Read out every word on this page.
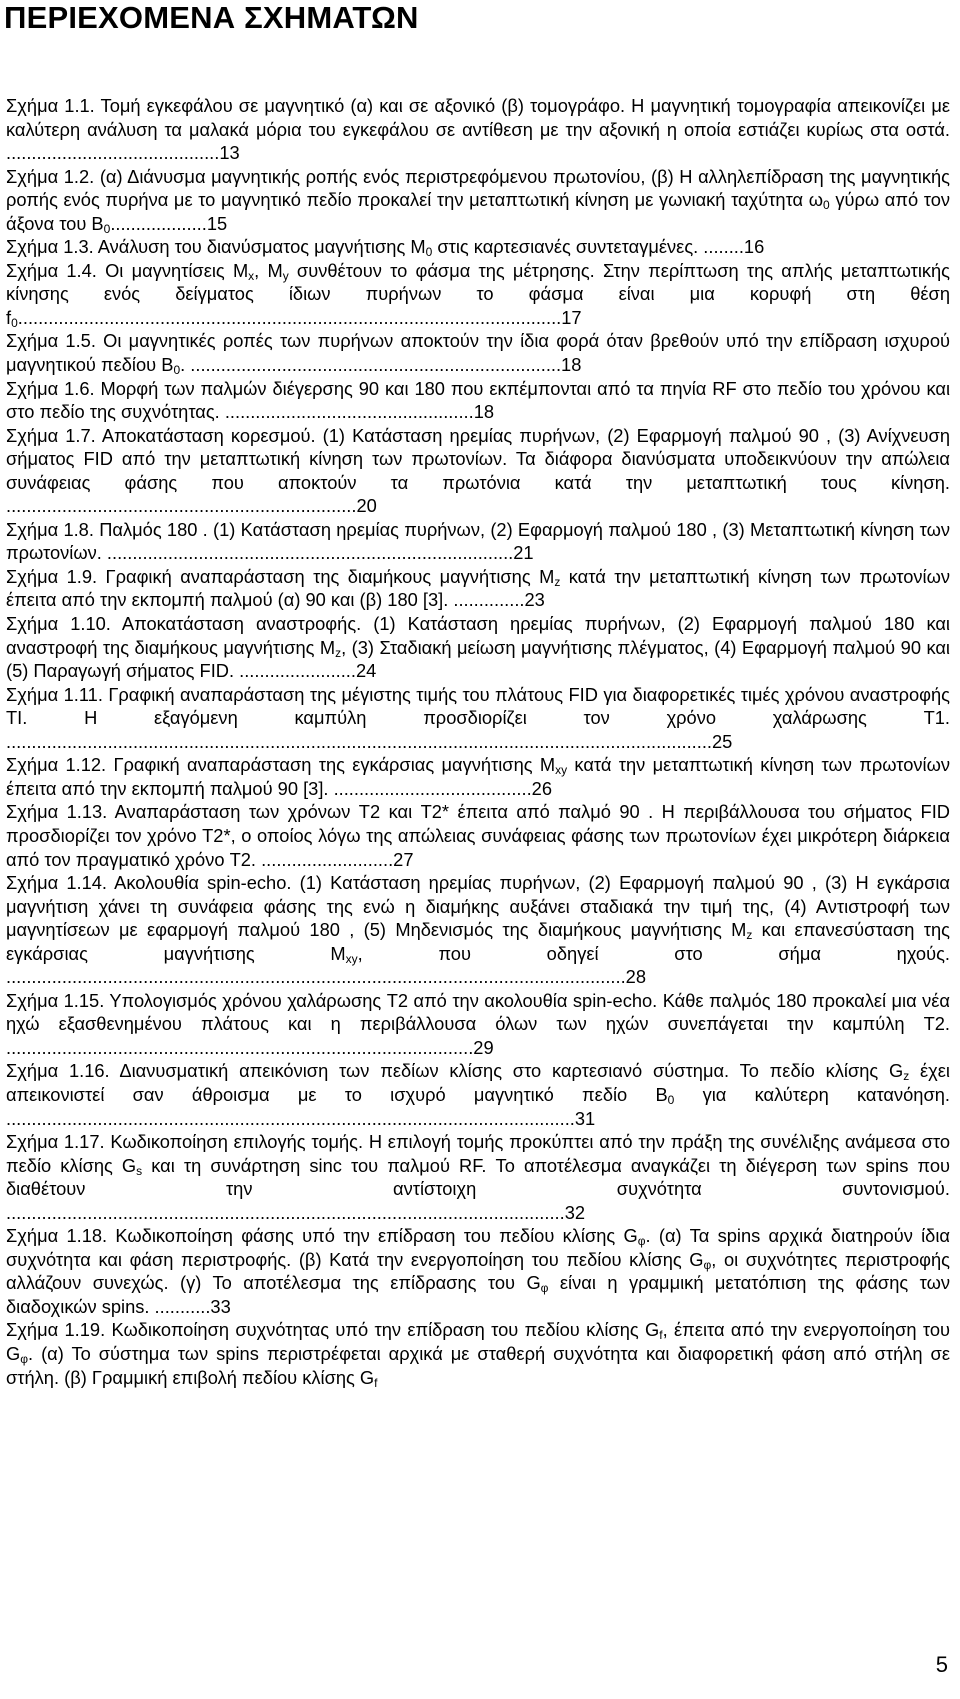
ΠΕΡΙΕΧΟΜΕΝΑ ΣΧΗΜΑΤΩΝ
Σχήμα 1.1. Τομή εγκεφάλου σε μαγνητικό (α) και σε αξονικό (β) τομογράφο. Η μαγνητική τομογραφία απεικονίζει με καλύτερη ανάλυση τα μαλακά μόρια του εγκεφάλου σε αντίθεση με την αξονική η οποία εστιάζει κυρίως στα οστά. ..........................................13
Σχήμα 1.2. (α) Διάνυσμα μαγνητικής ροπής ενός περιστρεφόμενου πρωτονίου, (β) Η αλληλεπίδραση της μαγνητικής ροπής ενός πυρήνα με το μαγνητικό πεδίο προκαλεί την μεταπτωτική κίνηση με γωνιακή ταχύτητα $\omega_0$ γύρω από τον άξονα του $B_0...................15$
Σχήμα 1.3. Ανάλυση του διανύσματος μαγνήτισης $M_0$ στις καρτεσιανές συντεταγμένες. ........16
Σχήμα 1.4. Οι μαγνητίσεις $M_x$, $M_y$ συνθέτουν το φάσμα της μέτρησης. Στην περίπτωση της απλής μεταπτωτικής κίνησης ενός δείγματος ίδιων πυρήνων το φάσμα είναι μια κορυφή στη θέση $f_0...........................................................................................................17$
Σχήμα 1.5. Οι μαγνητικές ροπές των πυρήνων αποκτούν την ίδια φορά όταν βρεθούν υπό την επίδραση ισχυρού μαγνητικού πεδίου $B_0$. .........................................................................18
Σχήμα 1.6. Μορφή των παλμών διέγερσης 90 και 180 που εκπέμπονται από τα πηνία RF στο πεδίο του χρόνου και στο πεδίο της συχνότητας. .................................................18
Σχήμα 1.7. Αποκατάσταση κορεσμού. (1) Κατάσταση ηρεμίας πυρήνων, (2) Εφαρμογή παλμού 90 , (3) Ανίχνευση σήματος FID από την μεταπτωτική κίνηση των πρωτονίων. Τα διάφορα διανύσματα υποδεικνύουν την απώλεια συνάφειας φάσης που αποκτούν τα πρωτόνια κατά την μεταπτωτική τους κίνηση. .....................................................................20
Σχήμα 1.8. Παλμός 180 . (1) Κατάσταση ηρεμίας πυρήνων, (2) Εφαρμογή παλμού 180 , (3) Μεταπτωτική κίνηση των πρωτονίων. ................................................................................21
Σχήμα 1.9. Γραφική αναπαράσταση της διαμήκους μαγνήτισης $M_z$ κατά την μεταπτωτική κίνηση των πρωτονίων έπειτα από την εκπομπή παλμού (α) 90 και (β) 180 [3]. ..............23
Σχήμα 1.10. Αποκατάσταση αναστροφής. (1) Κατάσταση ηρεμίας πυρήνων, (2) Εφαρμογή παλμού 180 και αναστροφή της διαμήκους μαγνήτισης $M_z$, (3) Σταδιακή μείωση μαγνήτισης πλέγματος, (4) Εφαρμογή παλμού 90 και (5) Παραγωγή σήματος FID. .......................24
Σχήμα 1.11. Γραφική αναπαράσταση της μέγιστης τιμής του πλάτους FID για διαφορετικές τιμές χρόνου αναστροφής TI. Η εξαγόμενη καμπύλη προσδιορίζει τον χρόνο χαλάρωσης T1. ...........................................................................................................................................25
Σχήμα 1.12. Γραφική αναπαράσταση της εγκάρσιας μαγνήτισης $M_{xy}$ κατά την μεταπτωτική κίνηση των πρωτονίων έπειτα από την εκπομπή παλμού 90 [3]. .......................................26
Σχήμα 1.13. Αναπαράσταση των χρόνων T2 και T2* έπειτα από παλμό 90 . Η περιβάλλουσα του σήματος FID προσδιορίζει τον χρόνο T2*, ο οποίος λόγω της απώλειας συνάφειας φάσης των πρωτονίων έχει μικρότερη διάρκεια από τον πραγματικό χρόνο T2. ..........................27
Σχήμα 1.14. Ακολουθία spin-echo. (1) Κατάσταση ηρεμίας πυρήνων, (2) Εφαρμογή παλμού 90 , (3) Η εγκάρσια μαγνήτιση χάνει τη συνάφεια φάσης της ενώ η διαμήκης αυξάνει σταδιακά την τιμή της, (4) Αντιστροφή των μαγνητίσεων με εφαρμογή παλμού 180 , (5) Μηδενισμός της διαμήκους μαγνήτισης $M_z$ και επανεσύσταση της εγκάρσιας μαγνήτισης $M_{xy}$, που οδηγεί στο σήμα ηχούς. ..........................................................................................................................28
Σχήμα 1.15. Υπολογισμός χρόνου χαλάρωσης T2 από την ακολουθία spin-echo. Κάθε παλμός 180 προκαλεί μια νέα ηχώ εξασθενημένου πλάτους και η περιβάλλουσα όλων των ηχών συνεπάγεται την καμπύλη T2. ............................................................................................29
Σχήμα 1.16. Διανυσματική απεικόνιση των πεδίων κλίσης στο καρτεσιανό σύστημα. Το πεδίο κλίσης $G_z$ έχει απεικονιστεί σαν άθροισμα με το ισχυρό μαγνητικό πεδίο $B_0$ για καλύτερη κατανόηση. ................................................................................................................31
Σχήμα 1.17. Κωδικοποίηση επιλογής τομής. Η επιλογή τομής προκύπτει από την πράξη της συνέλιξης ανάμεσα στο πεδίο κλίσης $G_s$ και τη συνάρτηση sinc του παλμού RF. Το αποτέλεσμα αναγκάζει τη διέγερση των spins που διαθέτουν την αντίστοιχη συχνότητα συντονισμού. ..............................................................................................................32
Σχήμα 1.18. Κωδικοποίηση φάσης υπό την επίδραση του πεδίου κλίσης $G_\varphi$. (α) Τα spins αρχικά διατηρούν ίδια συχνότητα και φάση περιστροφής. (β) Κατά την ενεργοποίηση του πεδίου κλίσης $G_\varphi$, οι συχνότητες περιστροφής αλλάζουν συνεχώς. (γ) Το αποτέλεσμα της επίδρασης του $G_\varphi$ είναι η γραμμική μετατόπιση της φάσης των διαδοχικών spins. ...........33
Σχήμα 1.19. Κωδικοποίηση συχνότητας υπό την επίδραση του πεδίου κλίσης $G_f$, έπειτα από την ενεργοποίηση του $G_\varphi$. (α) Το σύστημα των spins περιστρέφεται αρχικά με σταθερή συχνότητα και διαφορετική φάση από στήλη σε στήλη. (β) Γραμμική επιβολή πεδίου κλίσης $G_f$
5
